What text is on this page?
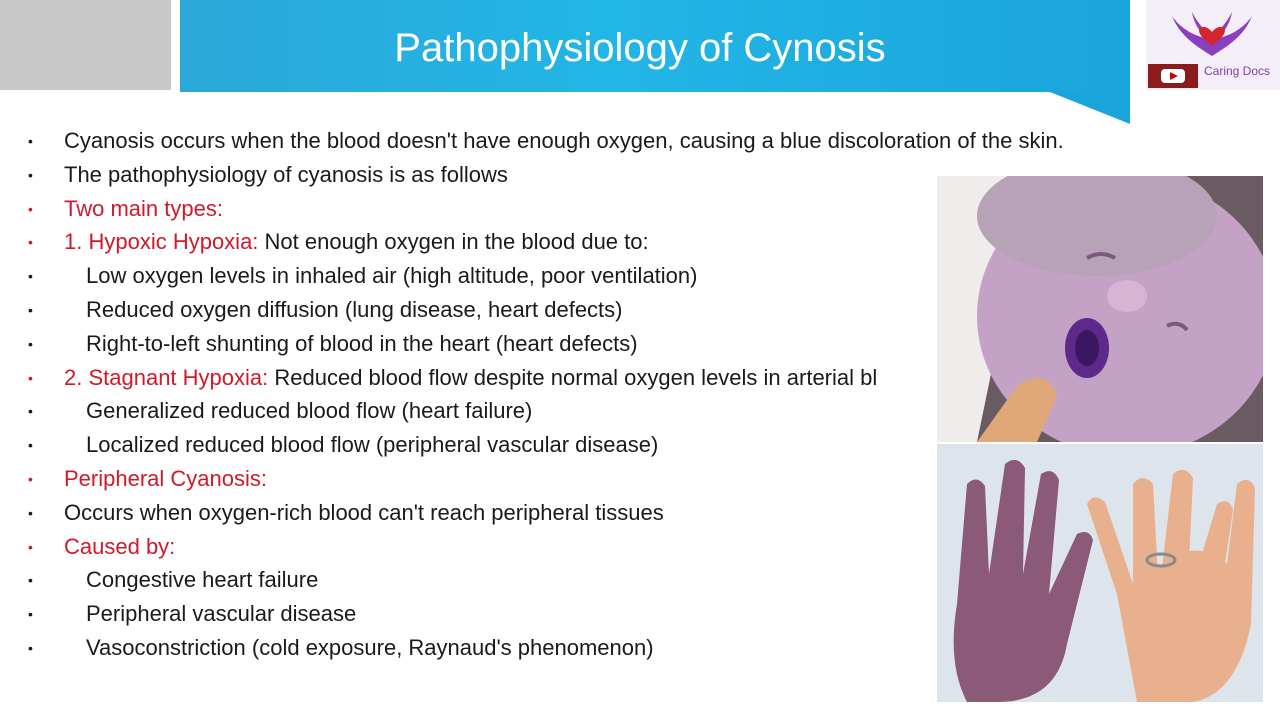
Pathophysiology of Cynosis
Caring Docs
• Cyanosis occurs when the blood doesn't have enough oxygen, causing a blue discoloration of the skin.
• The pathophysiology of cyanosis is as follows
• Two main types:
• 1. Hypoxic Hypoxia: Not enough oxygen in the blood due to:
• Low oxygen levels in inhaled air (high altitude, poor ventilation)
• Reduced oxygen diffusion (lung disease, heart defects)
• Right-to-left shunting of blood in the heart (heart defects)
• 2. Stagnant Hypoxia: Reduced blood flow despite normal oxygen levels in arterial bl
• Generalized reduced blood flow (heart failure)
• Localized reduced blood flow (peripheral vascular disease)
• Peripheral Cyanosis:
• Occurs when oxygen-rich blood can't reach peripheral tissues
• Caused by:
• Congestive heart failure
• Peripheral vascular disease
• Vasoconstriction (cold exposure, Raynaud's phenomenon)
